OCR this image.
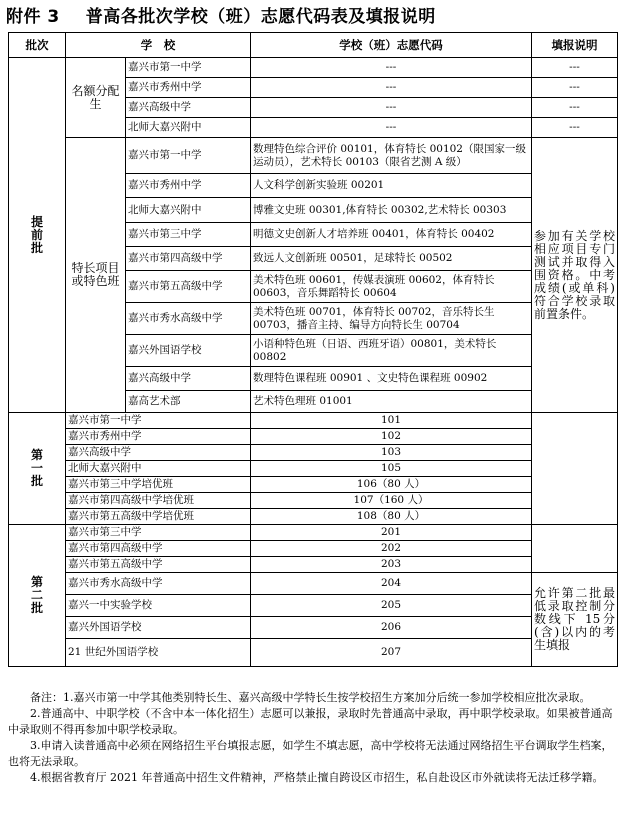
附件 3 普高各批次学校（班）志愿代码表及填报说明
批次	学　校		学校（班）志愿代码	填报说明

提前批	名额分配生	嘉兴市第一中学	---	---
		嘉兴市秀州中学	---	---
		嘉兴高级中学	---	---
		北师大嘉兴附中	---	---

	特长项目或特色班	嘉兴市第一中学	数理特色综合评价 00101，体育特长 00102（限国家一级运动员），艺术特长 00103（限省艺测 A 级）	参加有关学校相应项目专门测试并取得入围资格。中考成绩(或单科)符合学校录取前置条件。
		嘉兴市秀州中学	人文科学创新实验班 00201	
		北师大嘉兴附中	博雅文史班 00301,体育特长 00302,艺术特长 00303	
		嘉兴市第三中学	明德文史创新人才培养班 00401，体育特长 00402	
		嘉兴市第四高级中学	致远人文创新班 00501，足球特长 00502	
		嘉兴市第五高级中学	美术特色班 00601，传媒表演班 00602，体育特长 00603，音乐舞蹈特长 00604	
		嘉兴市秀水高级中学	美术特色班 00701，体育特长 00702，音乐特长生 00703，播音主持、编导方向特长生 00704	
		嘉兴外国语学校	小语种特色班（日语、西班牙语）00801，美术特长 00802	
		嘉兴高级中学	数理特色课程班 00901 、文史特色课程班 00902	
		嘉高艺术部	艺术特色理班 01001	

第一批	嘉兴市第一中学		101	
	嘉兴市秀州中学		102	
	嘉兴高级中学		103	
	北师大嘉兴附中		105	
	嘉兴市第三中学培优班		106（80 人）	
	嘉兴市第四高级中学培优班		107（160 人）	
	嘉兴市第五高级中学培优班		108（80 人）	

第二批	嘉兴市第三中学		201	
	嘉兴市第四高级中学		202	
	嘉兴市第五高级中学		203	
	嘉兴市秀水高级中学		204	允许第二批最低录取控制分数线下 15分(含)以内的考生填报
	嘉兴一中实验学校		205	
	嘉兴外国语学校		206	
	21 世纪外国语学校		207	

备注：1.嘉兴市第一中学其他类别特长生、嘉兴高级中学特长生按学校招生方案加分后统一参加学校相应批次录取。

2.普通高中、中职学校（不含中本一体化招生）志愿可以兼报，录取时先普通高中录取，再中职学校录取。如果被普通高中录取则不得再参加中职学校录取。

3.申请入读普通高中必须在网络招生平台填报志愿，如学生不填志愿，高中学校将无法通过网络招生平台调取学生档案，也将无法录取。

4.根据省教育厅 2021 年普通高中招生文件精神，严格禁止擅自跨设区市招生，私自赴设区市外就读将无法迁移学籍。
